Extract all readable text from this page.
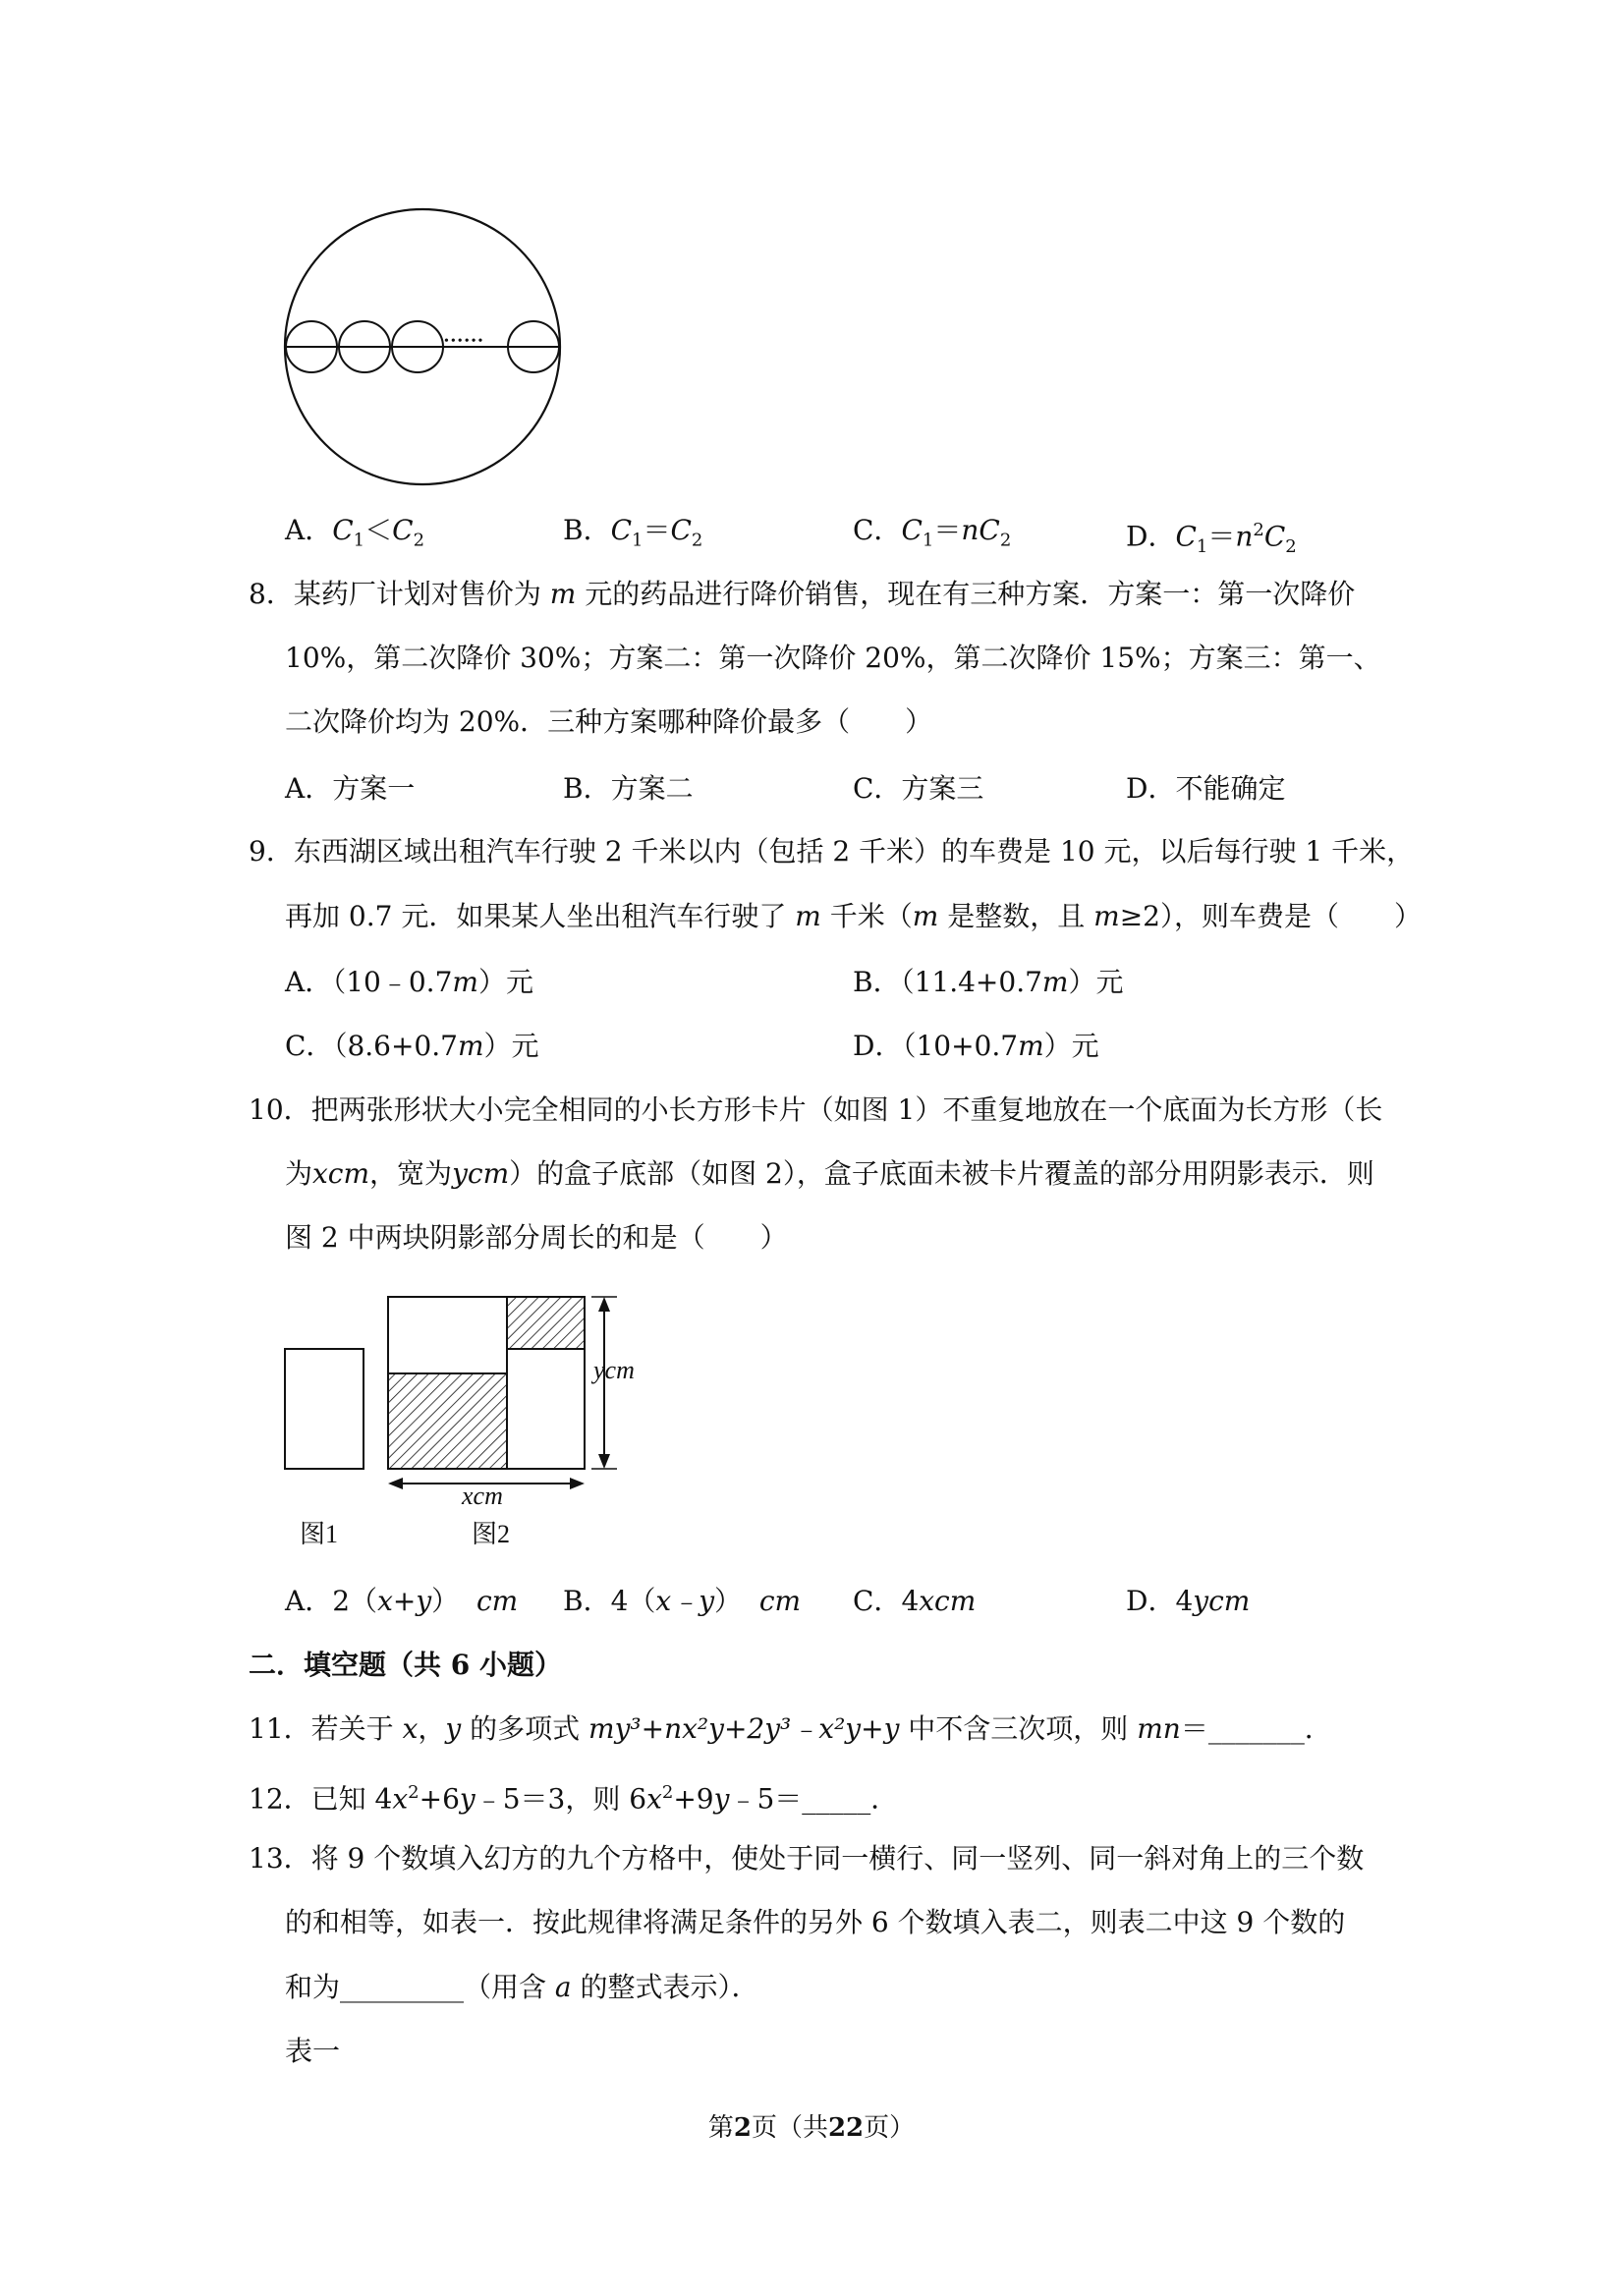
••••••
A．$C_1<C_2$	B．$C_1=C_2$	C．$C_1=nC_2$	D．$C_1=n^2C_2$
8．某药厂计划对售价为 m 元的药品进行降价销售，现在有三种方案．方案一：第一次降价
10%，第二次降价 30%；方案二：第一次降价 20%，第二次降价 15%；方案三：第一、
二次降价均为 20%．三种方案哪种降价最多（　　）
A．方案一	B．方案二	C．方案三	D．不能确定
9．东西湖区域出租汽车行驶 2 千米以内（包括 2 千米）的车费是 10 元，以后每行驶 1 千米，
再加 0.7 元．如果某人坐出租汽车行驶了 m 千米（m 是整数，且 m≥2），则车费是（　　）
A．（10﹣0.7m）元	B．（11.4+0.7m）元
C．（8.6+0.7m）元	D．（10+0.7m）元
10．把两张形状大小完全相同的小长方形卡片（如图 1）不重复地放在一个底面为长方形（长
为xcm，宽为ycm）的盒子底部（如图 2），盒子底面未被卡片覆盖的部分用阴影表示．则
图 2 中两块阴影部分周长的和是（　　）
ycm
xcm
图1	图2
A．2（x+y） cm B．4（x﹣y） cm C．4xcm	D．4ycm
二．填空题（共 6 小题）
11．若关于 x，y 的多项式 my³+nx²y+2y³﹣x²y+y 中不含三次项，则 mn＝_______．
12．已知 $4x^2+6y﹣5=3$，则 $6x^2+9y﹣5=\_\_\_\_\_$．
13．将 9 个数填入幻方的九个方格中，使处于同一横行、同一竖列、同一斜对角上的三个数
的和相等，如表一．按此规律将满足条件的另外 6 个数填入表二，则表二中这 9 个数的
和为_________（用含 a 的整式表示）．
表一
第2页（共22页）
